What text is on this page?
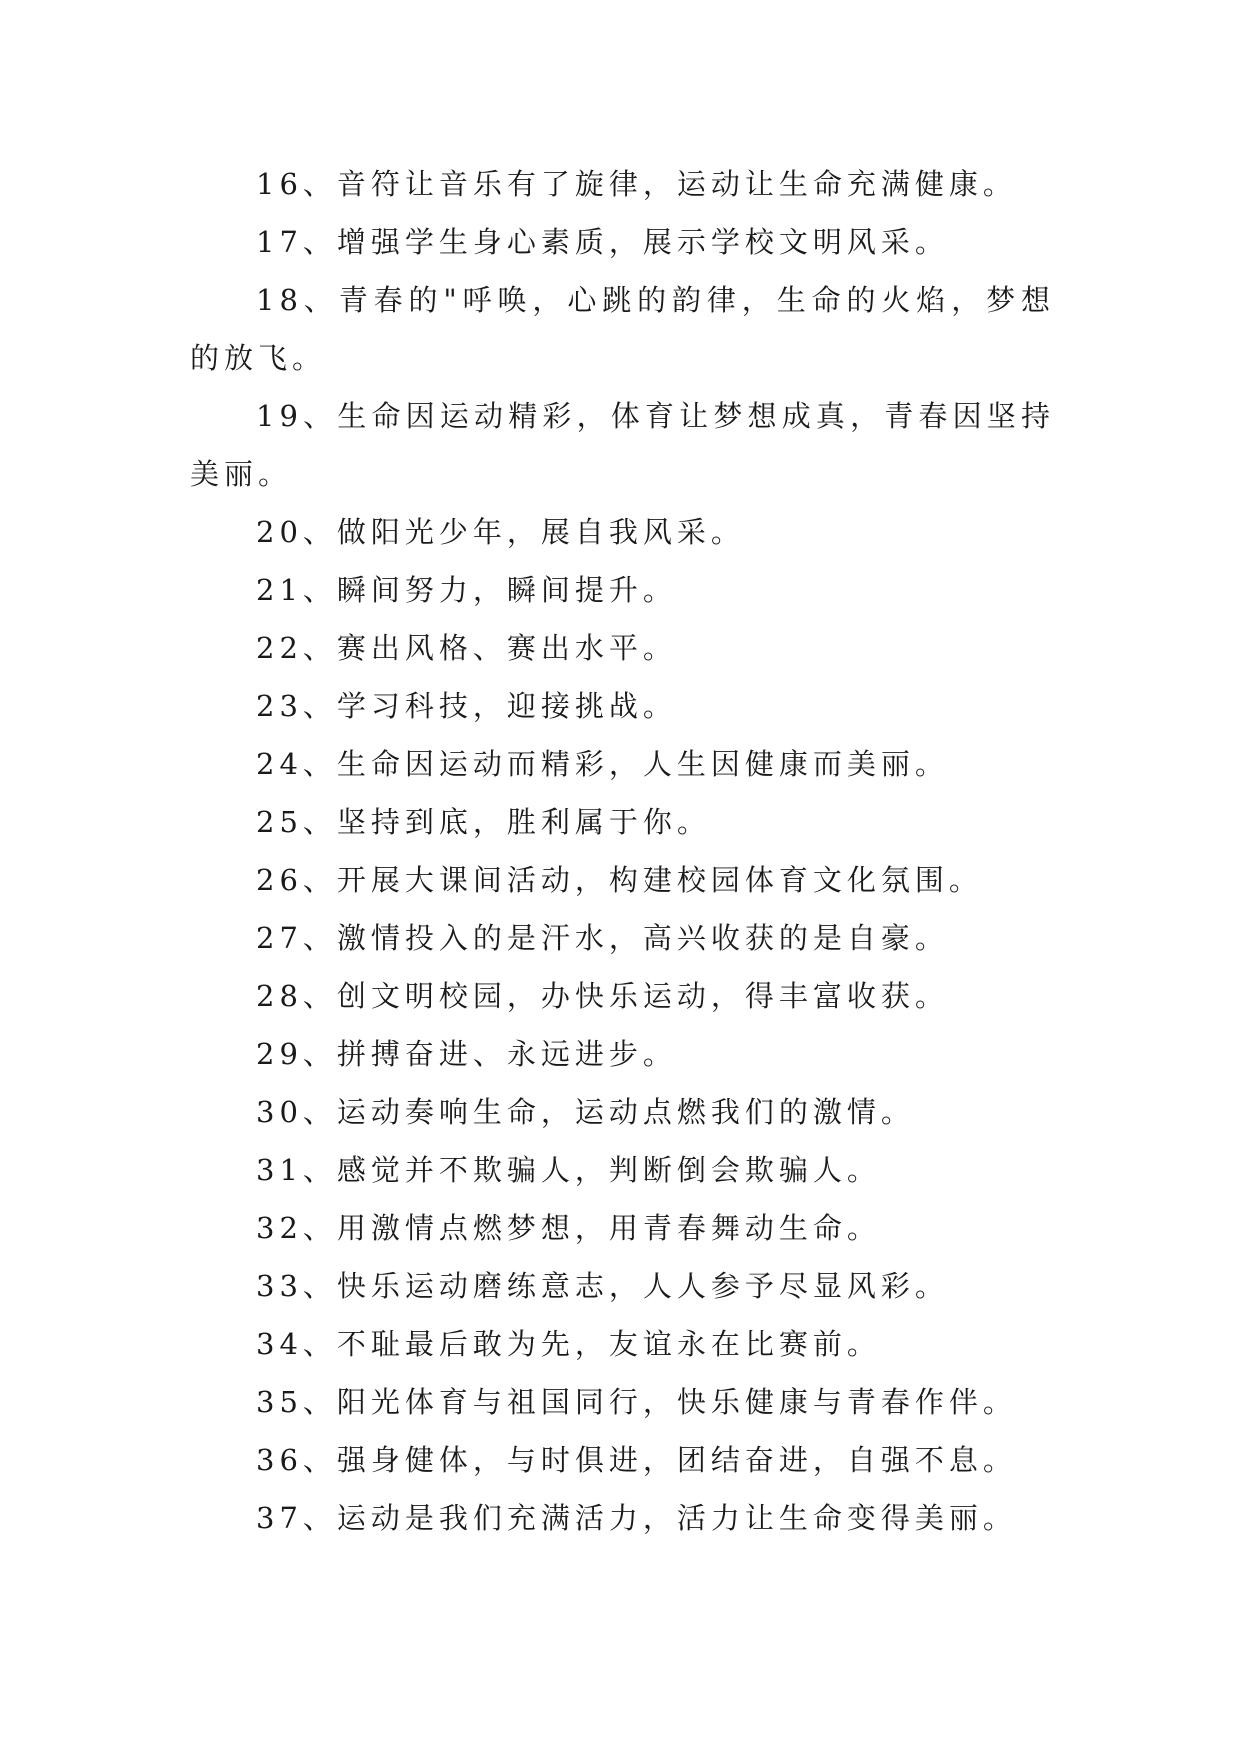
16、音符让音乐有了旋律，运动让生命充满健康。

17、增强学生身心素质，展示学校文明风采。

18、青春的"呼唤，心跳的韵律，生命的火焰，梦想的放飞。

19、生命因运动精彩，体育让梦想成真，青春因坚持美丽。

20、做阳光少年，展自我风采。

21、瞬间努力，瞬间提升。

22、赛出风格、赛出水平。

23、学习科技，迎接挑战。

24、生命因运动而精彩，人生因健康而美丽。

25、坚持到底，胜利属于你。

26、开展大课间活动，构建校园体育文化氛围。

27、激情投入的是汗水，高兴收获的是自豪。

28、创文明校园，办快乐运动，得丰富收获。

29、拼搏奋进、永远进步。

30、运动奏响生命，运动点燃我们的激情。

31、感觉并不欺骗人，判断倒会欺骗人。

32、用激情点燃梦想，用青春舞动生命。

33、快乐运动磨练意志，人人参予尽显风彩。

34、不耻最后敢为先，友谊永在比赛前。

35、阳光体育与祖国同行，快乐健康与青春作伴。

36、强身健体，与时俱进，团结奋进，自强不息。

37、运动是我们充满活力，活力让生命变得美丽。
